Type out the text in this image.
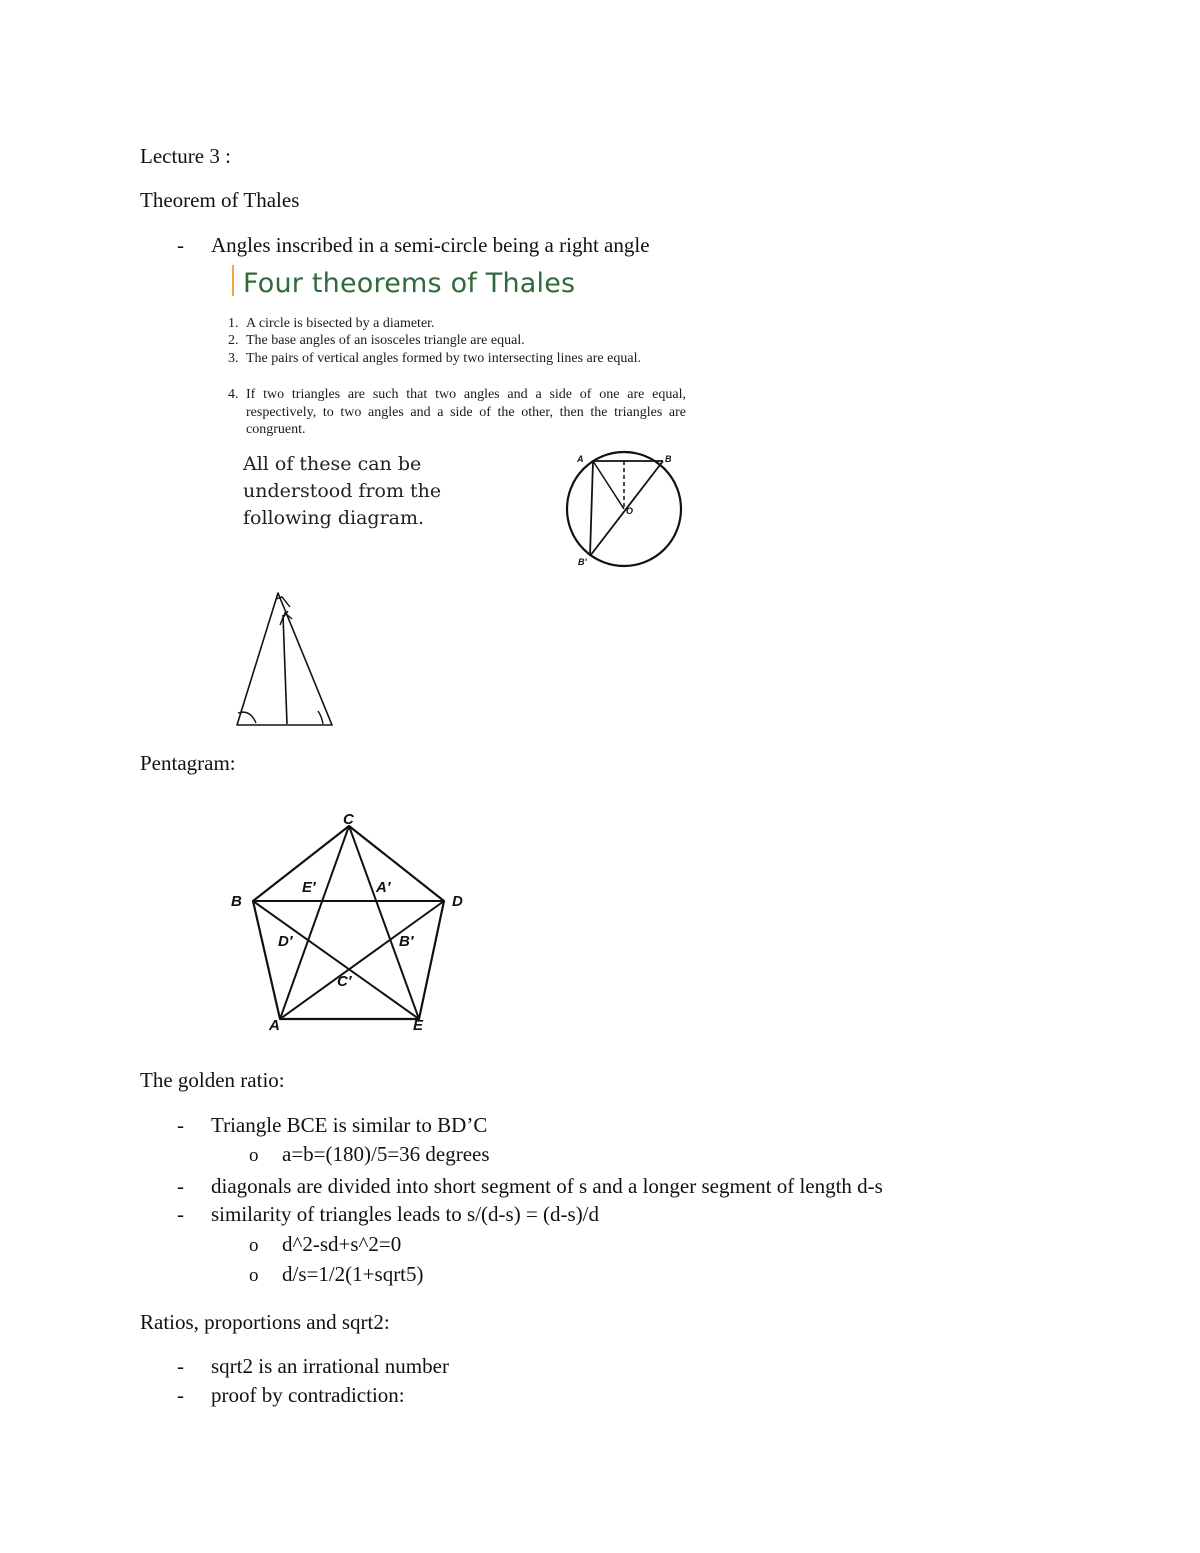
Lecture 3 :
Theorem of Thales
- Angles inscribed in a semi-circle being a right angle
Four theorems of Thales
1. A circle is bisected by a diameter.
2. The base angles of an isosceles triangle are equal.
3. The pairs of vertical angles formed by two intersecting lines are equal.
4. If two triangles are such that two angles and a side of one are equal, respectively, to two angles and a side of the other, then the triangles are congruent.
All of these can be
understood from the
following diagram.
A	B
O
B'
Pentagram:
C
B	D
A	E
E′	A′
D′	B′
C′
The golden ratio:
- Triangle BCE is similar to BD’C
o a=b=(180)/5=36 degrees
- diagonals are divided into short segment of s and a longer segment of length d-s
- similarity of triangles leads to s/(d-s) = (d-s)/d
o d^2-sd+s^2=0
o d/s=1/2(1+sqrt5)
Ratios, proportions and sqrt2:
- sqrt2 is an irrational number
- proof by contradiction:
